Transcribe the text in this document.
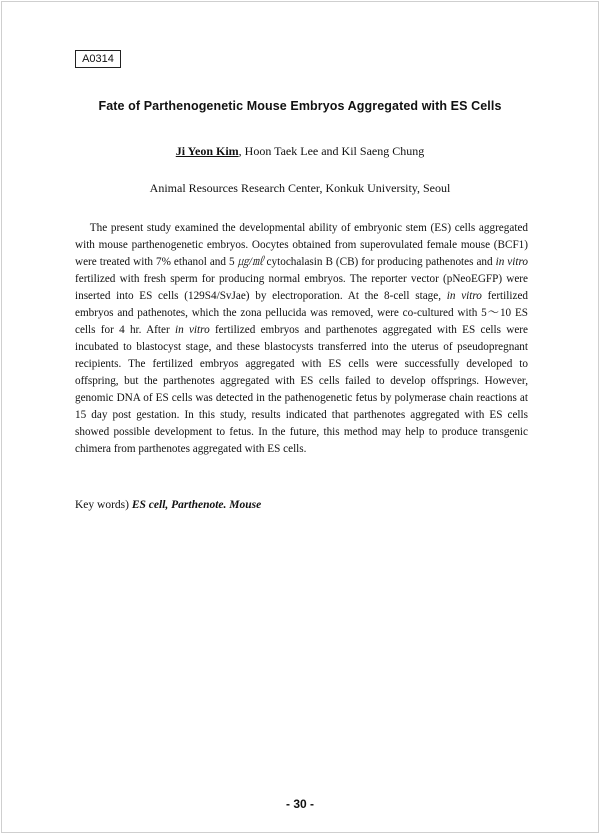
A0314
Fate of Parthenogenetic Mouse Embryos Aggregated with ES Cells
Ji Yeon Kim, Hoon Taek Lee and Kil Saeng Chung
Animal Resources Research Center, Konkuk University, Seoul

The present study examined the developmental ability of embryonic stem (ES) cells aggregated with mouse parthenogenetic embryos. Oocytes obtained from superovulated female mouse (BCF1) were treated with 7% ethanol and 5 ㎍/㎖ cytochalasin B (CB) for producing pathenotes and in vitro fertilized with fresh sperm for producing normal embryos. The reporter vector (pNeoEGFP) were inserted into ES cells (129S4/SvJae) by electroporation. At the 8-cell stage, in vitro fertilized embryos and pathenotes, which the zona pellucida was removed, were co-cultured with 5～10 ES cells for 4 hr. After in vitro fertilized embryos and parthenotes aggregated with ES cells were incubated to blastocyst stage, and these blastocysts transferred into the uterus of pseudopregnant recipients. The fertilized embryos aggregated with ES cells were successfully developed to offspring, but the parthenotes aggregated with ES cells failed to develop offsprings. However, genomic DNA of ES cells was detected in the pathenogenetic fetus by polymerase chain reactions at 15 day post gestation. In this study, results indicated that parthenotes aggregated with ES cells showed possible development to fetus. In the future, this method may help to produce transgenic chimera from parthenotes aggregated with ES cells.

Key words) ES cell, Parthenote. Mouse
- 30 -
